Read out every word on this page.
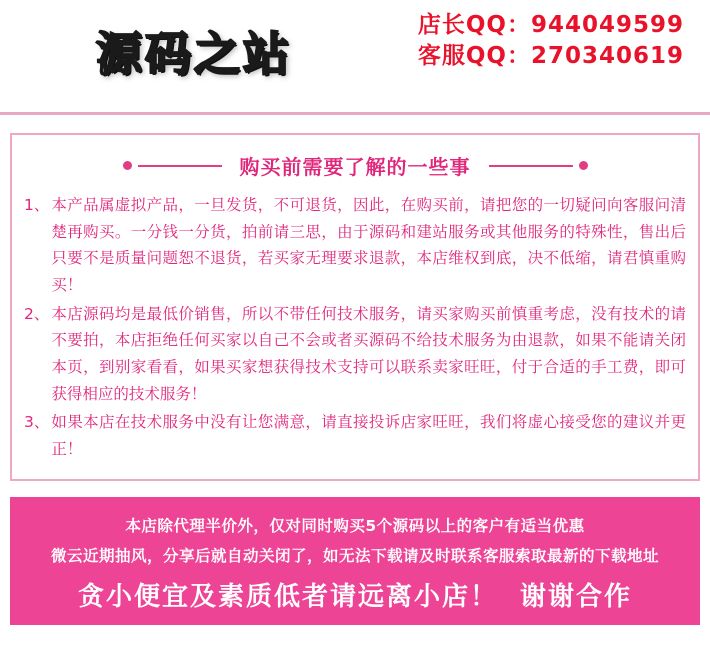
源码之站
店长QQ：944049599
客服QQ：270340619
购买前需要了解的一些事
1、 本产品属虚拟产品，一旦发货，不可退货，因此，在购买前，请把您的一切疑问向客服问清楚再购买。一分钱一分货，拍前请三思，由于源码和建站服务或其他服务的特殊性，售出后只要不是质量问题恕不退货，若买家无理要求退款，本店维权到底，决不低缩，请君慎重购买！
2、 本店源码均是最低价销售，所以不带任何技术服务，请买家购买前慎重考虑，没有技术的请不要拍，本店拒绝任何买家以自己不会或者买源码不给技术服务为由退款，如果不能请关闭本页，到别家看看，如果买家想获得技术支持可以联系卖家旺旺，付于合适的手工费，即可获得相应的技术服务！
3、 如果本店在技术服务中没有让您满意，请直接投诉店家旺旺，我们将虚心接受您的建议并更正！
本店除代理半价外，仅对同时购买5个源码以上的客户有适当优惠
微云近期抽风，分享后就自动关闭了，如无法下载请及时联系客服索取最新的下载地址
贪小便宜及素质低者请远离小店！ 谢谢合作
